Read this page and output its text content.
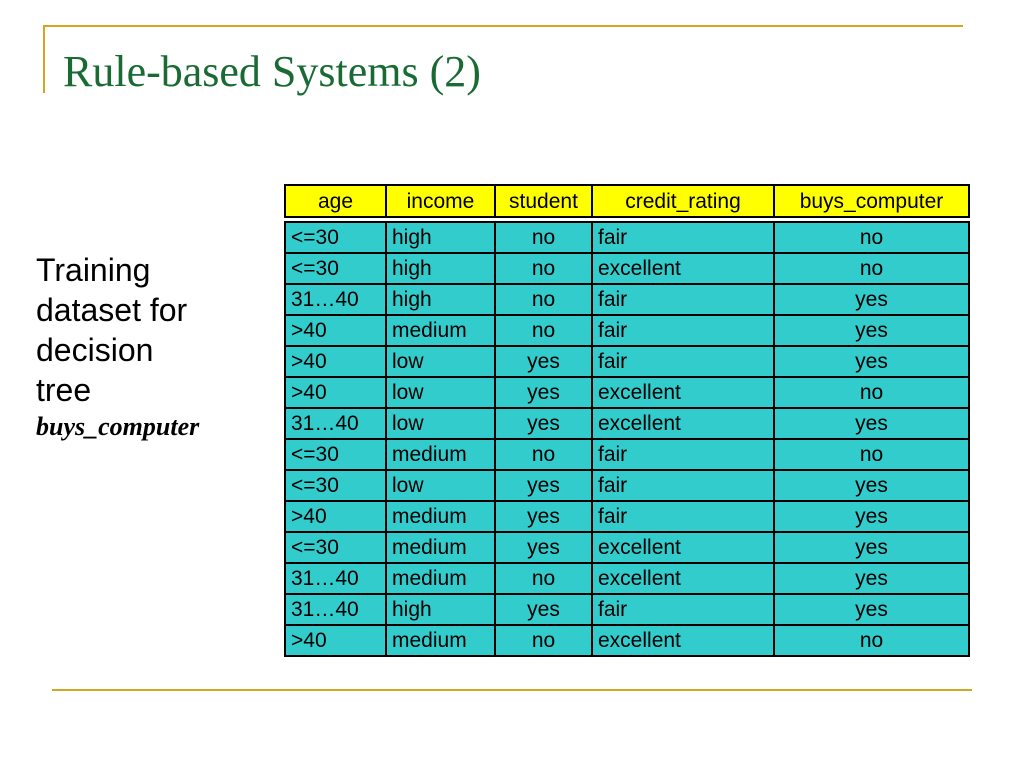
Rule-based Systems (2)
Training
dataset for
decision
tree
buys_computer
age	income	student	credit_rating	buys_computer

<=30	high	no	fair	no
<=30	high	no	excellent	no
31…40	high	no	fair	yes
>40	medium	no	fair	yes
>40	low	yes	fair	yes
>40	low	yes	excellent	no
31…40	low	yes	excellent	yes
<=30	medium	no	fair	no
<=30	low	yes	fair	yes
>40	medium	yes	fair	yes
<=30	medium	yes	excellent	yes
31…40	medium	no	excellent	yes
31…40	high	yes	fair	yes
>40	medium	no	excellent	no
